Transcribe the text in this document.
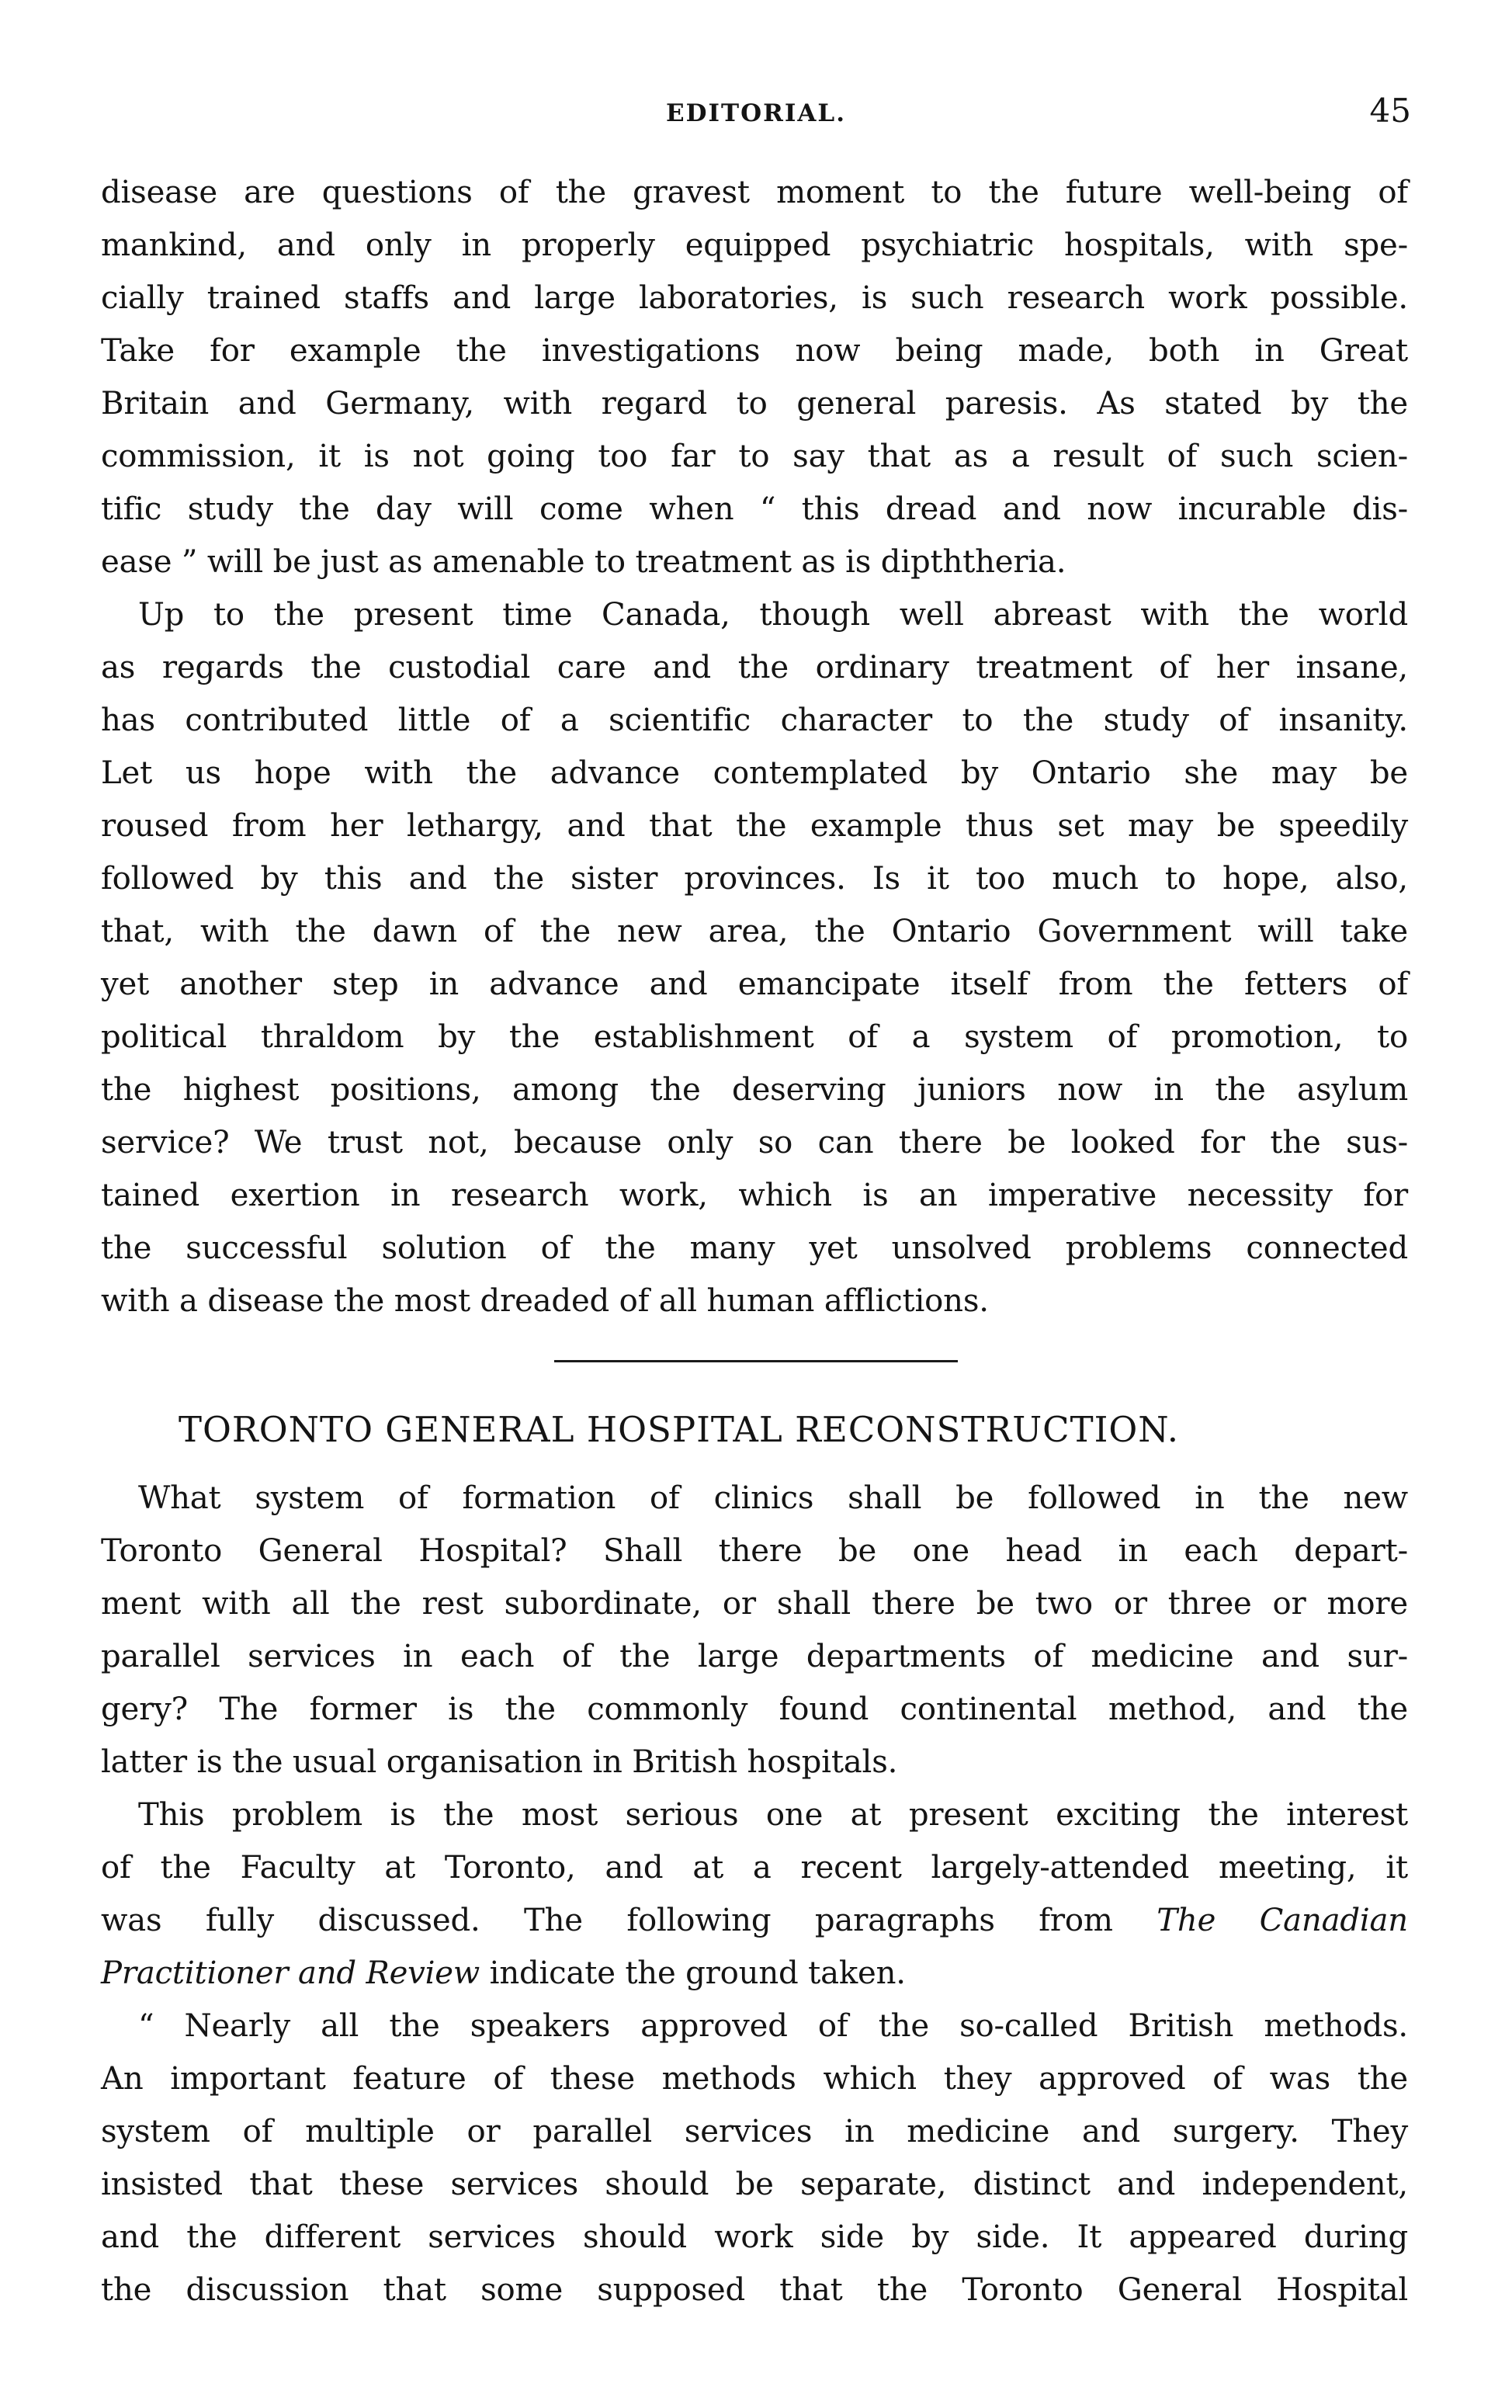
EDITORIAL.	45
disease are questions of the gravest moment to the future well-being of
mankind, and only in properly equipped psychiatric hospitals, with spe-
cially trained staffs and large laboratories, is such research work possible.
Take for example the investigations now being made, both in Great
Britain and Germany, with regard to general paresis. As stated by the
commission, it is not going too far to say that as a result of such scien-
tific study the day will come when “ this dread and now incurable dis-
ease ” will be just as amenable to treatment as is dipththeria.
Up to the present time Canada, though well abreast with the world
as regards the custodial care and the ordinary treatment of her insane,
has contributed little of a scientific character to the study of insanity.
Let us hope with the advance contemplated by Ontario she may be
roused from her lethargy, and that the example thus set may be speedily
followed by this and the sister provinces. Is it too much to hope, also,
that, with the dawn of the new area, the Ontario Government will take
yet another step in advance and emancipate itself from the fetters of
political thraldom by the establishment of a system of promotion, to
the highest positions, among the deserving juniors now in the asylum
service? We trust not, because only so can there be looked for the sus-
tained exertion in research work, which is an imperative necessity for
the successful solution of the many yet unsolved problems connected
with a disease the most dreaded of all human afflictions.
TORONTO GENERAL HOSPITAL RECONSTRUCTION.
What system of formation of clinics shall be followed in the new
Toronto General Hospital? Shall there be one head in each depart-
ment with all the rest subordinate, or shall there be two or three or more
parallel services in each of the large departments of medicine and sur-
gery? The former is the commonly found continental method, and the
latter is the usual organisation in British hospitals.
This problem is the most serious one at present exciting the interest
of the Faculty at Toronto, and at a recent largely-attended meeting, it
was fully discussed. The following paragraphs from The Canadian
Practitioner and Review indicate the ground taken.
“ Nearly all the speakers approved of the so-called British methods.
An important feature of these methods which they approved of was the
system of multiple or parallel services in medicine and surgery. They
insisted that these services should be separate, distinct and independent,
and the different services should work side by side. It appeared during
the discussion that some supposed that the Toronto General Hospital
